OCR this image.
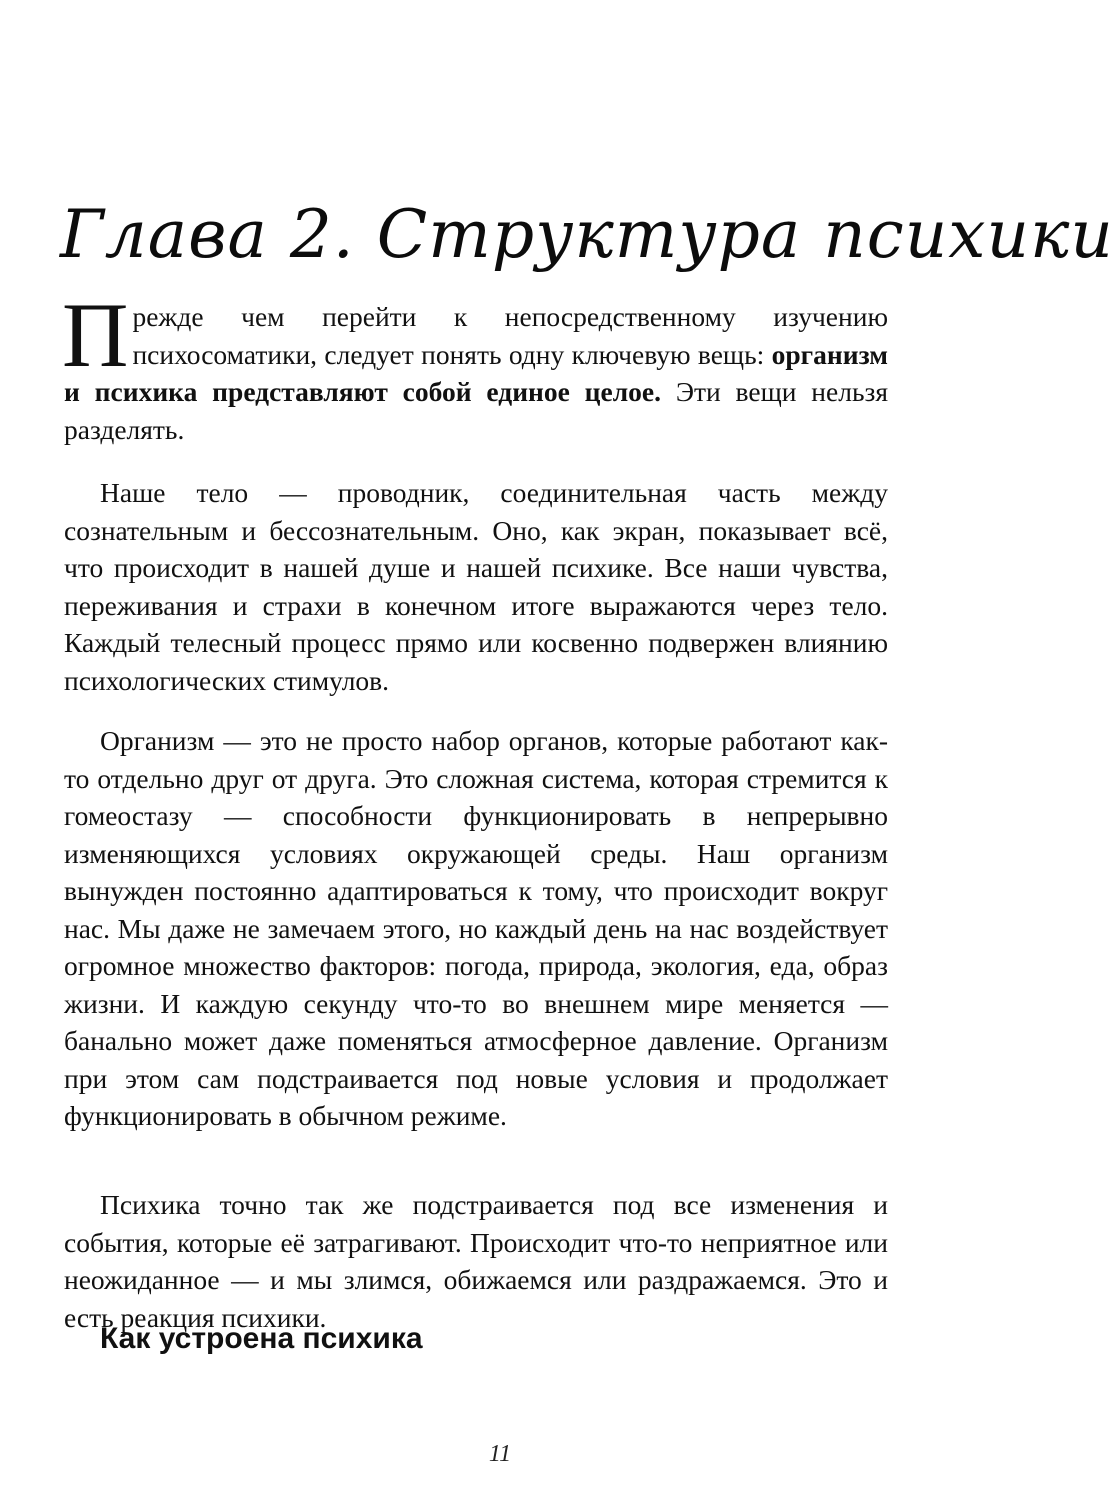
Глава 2. Структура психики
Прежде чем перейти к непосредственному изучению психосоматики, следует понять одну ключевую вещь: организм и психика представляют собой единое целое. Эти вещи нельзя разделять.
Наше тело — проводник, соединительная часть между сознательным и бессознательным. Оно, как экран, показывает всё, что происходит в нашей душе и нашей психике. Все наши чувства, переживания и страхи в конечном итоге выражаются через тело. Каждый телесный процесс прямо или косвенно подвержен влиянию психологических стимулов.
Организм — это не просто набор органов, которые работают как-то отдельно друг от друга. Это сложная система, которая стремится к гомеостазу — способности функционировать в непрерывно изменяющихся условиях окружающей среды. Наш организм вынужден постоянно адаптироваться к тому, что происходит вокруг нас. Мы даже не замечаем этого, но каждый день на нас воздействует огромное множество факторов: погода, природа, экология, еда, образ жизни. И каждую секунду что-то во внешнем мире меняется — банально может даже поменяться атмосферное давление. Организм при этом сам подстраивается под новые условия и продолжает функционировать в обычном режиме.
Психика точно так же подстраивается под все изменения и события, которые её затрагивают. Происходит что-то неприятное или неожиданное — и мы злимся, обижаемся или раздражаемся. Это и есть реакция психики.
Как устроена психика
11
